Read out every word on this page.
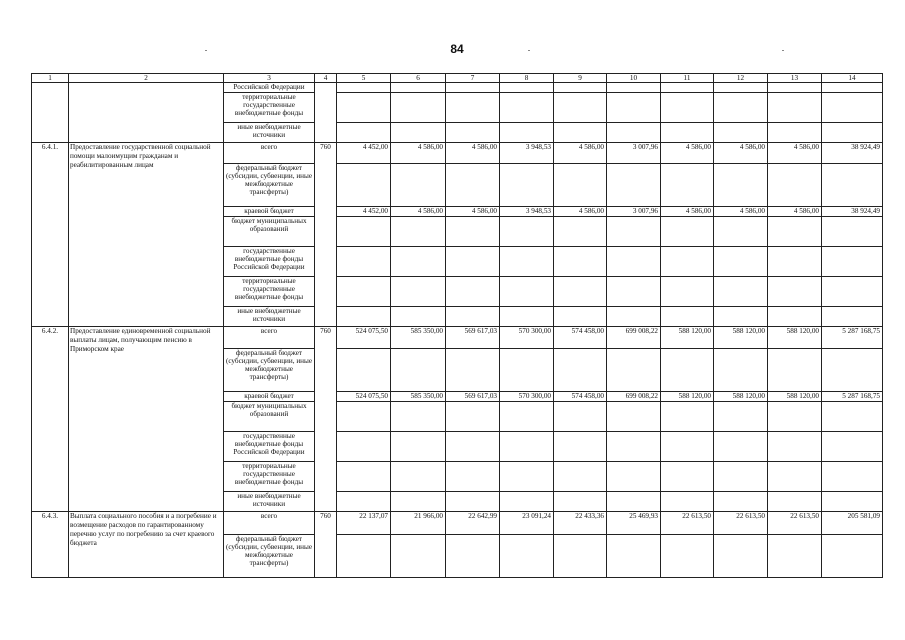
84
1	2	3	4	5	6	7	8	9	10	11	12	13	14
		Российской Федерации											
		территориальные государственные внебюджетные фонды											
		иные внебюджетные источники											
6.4.1.	Предоставление государственной социальной помощи малоимущим гражданам и реабилитированным лицам	всего	760	4 452,00	4 586,00	4 586,00	3 948,53	4 586,00	3 007,96	4 586,00	4 586,00	4 586,00	38 924,49
		федеральный бюджет (субсидии, субвенции, иные межбюджетные трансферты)											
		краевой бюджет		4 452,00	4 586,00	4 586,00	3 948,53	4 586,00	3 007,96	4 586,00	4 586,00	4 586,00	38 924,49
		бюджет муниципальных образований											
		государственные внебюджетные фонды Российской Федерации											
		территориальные государственные внебюджетные фонды											
		иные внебюджетные источники											
6.4.2.	Предоставление единовременной социальной выплаты лицам, получающим пенсию в Приморском крае	всего	760	524 075,50	585 350,00	569 617,03	570 300,00	574 458,00	699 008,22	588 120,00	588 120,00	588 120,00	5 287 168,75
		федеральный бюджет (субсидии, субвенции, иные межбюджетные трансферты)											
		краевой бюджет		524 075,50	585 350,00	569 617,03	570 300,00	574 458,00	699 008,22	588 120,00	588 120,00	588 120,00	5 287 168,75
		бюджет муниципальных образований											
		государственные внебюджетные фонды Российской Федерации											
		территориальные государственные внебюджетные фонды											
		иные внебюджетные источники											
6.4.3.	Выплата социального пособия и а погребение и возмещение расходов по гарантированному перечню услуг по погребению за счет краевого бюджета	всего	760	22 137,07	21 966,00	22 642,99	23 091,24	22 433,36	25 469,93	22 613,50	22 613,50	22 613,50	205 581,09
		федеральный бюджет (субсидии, субвенции, иные межбюджетные трансферты)											
